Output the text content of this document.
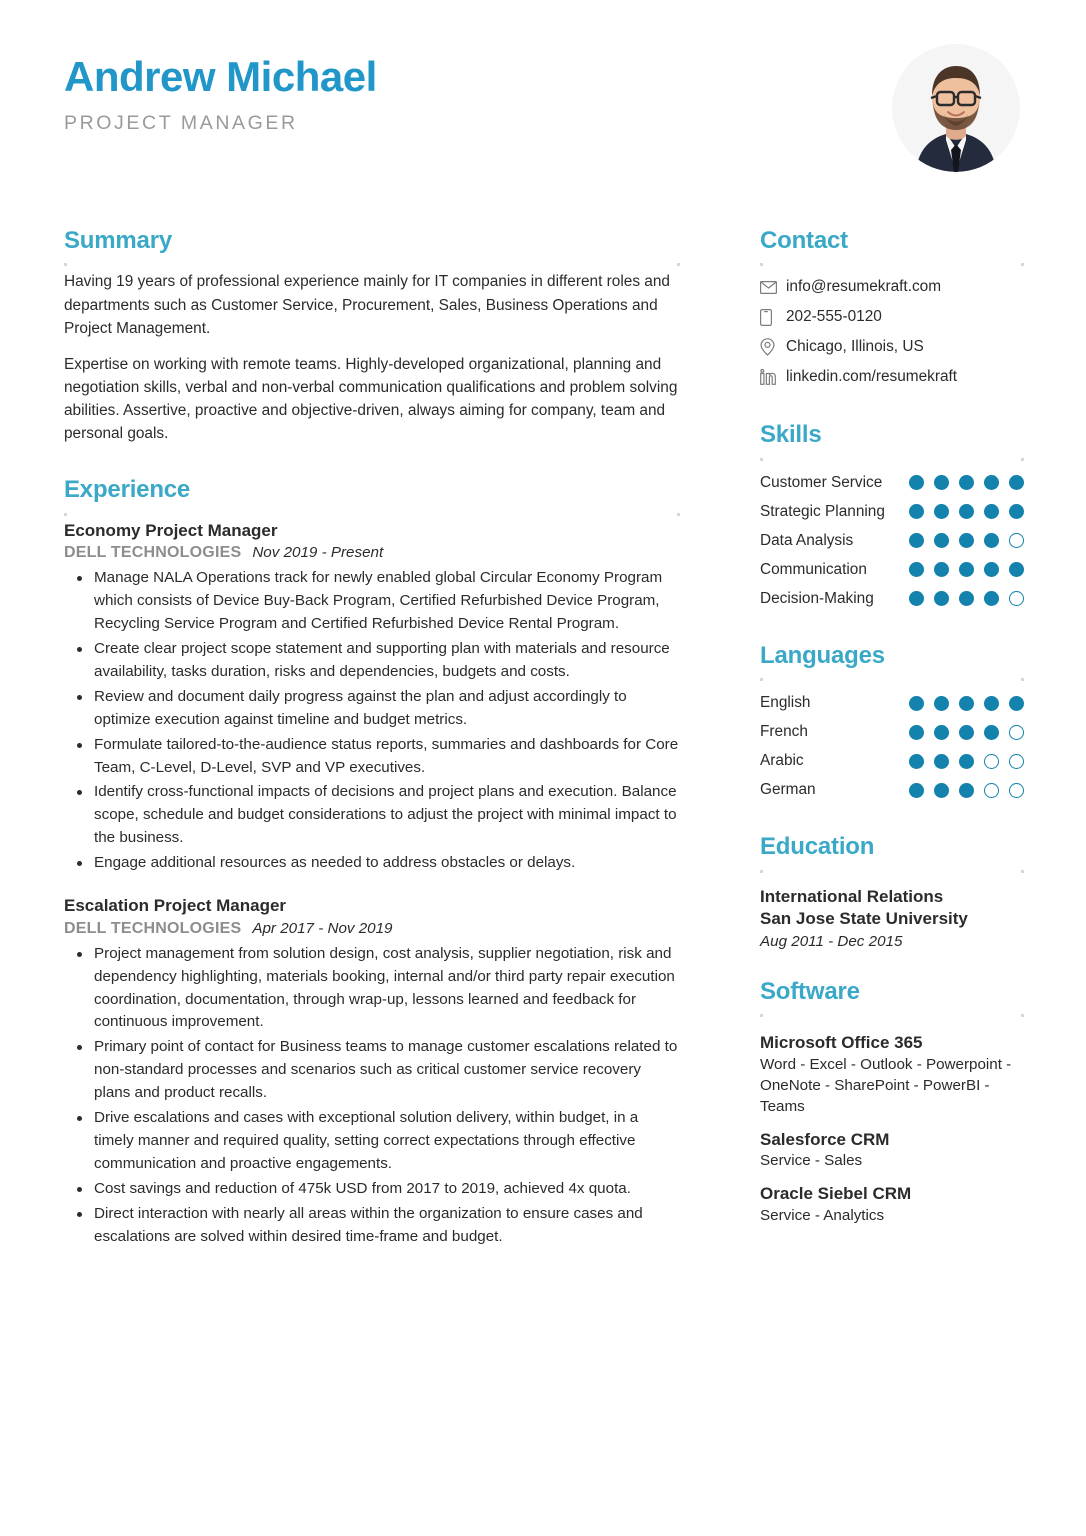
Andrew Michael
PROJECT MANAGER
Summary

Having 19 years of professional experience mainly for IT companies in different roles and departments such as Customer Service, Procurement, Sales, Business Operations and Project Management.

Expertise on working with remote teams. Highly-developed organizational, planning and negotiation skills, verbal and non-verbal communication qualifications and problem solving abilities. Assertive, proactive and objective-driven, always aiming for company, team and personal goals.

Experience
Economy Project Manager
DELL TECHNOLOGIES Nov 2019 - Present
Manage NALA Operations track for newly enabled global Circular Economy Program which consists of Device Buy-Back Program, Certified Refurbished Device Program, Recycling Service Program and Certified Refurbished Device Rental Program.
Create clear project scope statement and supporting plan with materials and resource availability, tasks duration, risks and dependencies, budgets and costs.
Review and document daily progress against the plan and adjust accordingly to optimize execution against timeline and budget metrics.
Formulate tailored-to-the-audience status reports, summaries and dashboards for Core Team, C-Level, D-Level, SVP and VP executives.
Identify cross-functional impacts of decisions and project plans and execution. Balance scope, schedule and budget considerations to adjust the project with minimal impact to the business.
Engage additional resources as needed to address obstacles or delays.
Escalation Project Manager
DELL TECHNOLOGIES Apr 2017 - Nov 2019
Project management from solution design, cost analysis, supplier negotiation, risk and dependency highlighting, materials booking, internal and/or third party repair execution coordination, documentation, through wrap-up, lessons learned and feedback for continuous improvement.
Primary point of contact for Business teams to manage customer escalations related to non-standard processes and scenarios such as critical customer service recovery plans and product recalls.
Drive escalations and cases with exceptional solution delivery, within budget, in a timely manner and required quality, setting correct expectations through effective communication and proactive engagements.
Cost savings and reduction of 475k USD from 2017 to 2019, achieved 4x quota.
Direct interaction with nearly all areas within the organization to ensure cases and escalations are solved within desired time-frame and budget.
Contact
info@resumekraft.com
202-555-0120
Chicago, Illinois, US
linkedin.com/resumekraft
Skills
Customer Service
Strategic Planning
Data Analysis
Communication
Decision-Making
Languages
English
French
Arabic
German
Education
International Relations
San Jose State University
Aug 2011 - Dec 2015
Software
Microsoft Office 365
Word - Excel - Outlook - Powerpoint - OneNote - SharePoint - PowerBI - Teams
Salesforce CRM
Service - Sales
Oracle Siebel CRM
Service - Analytics
